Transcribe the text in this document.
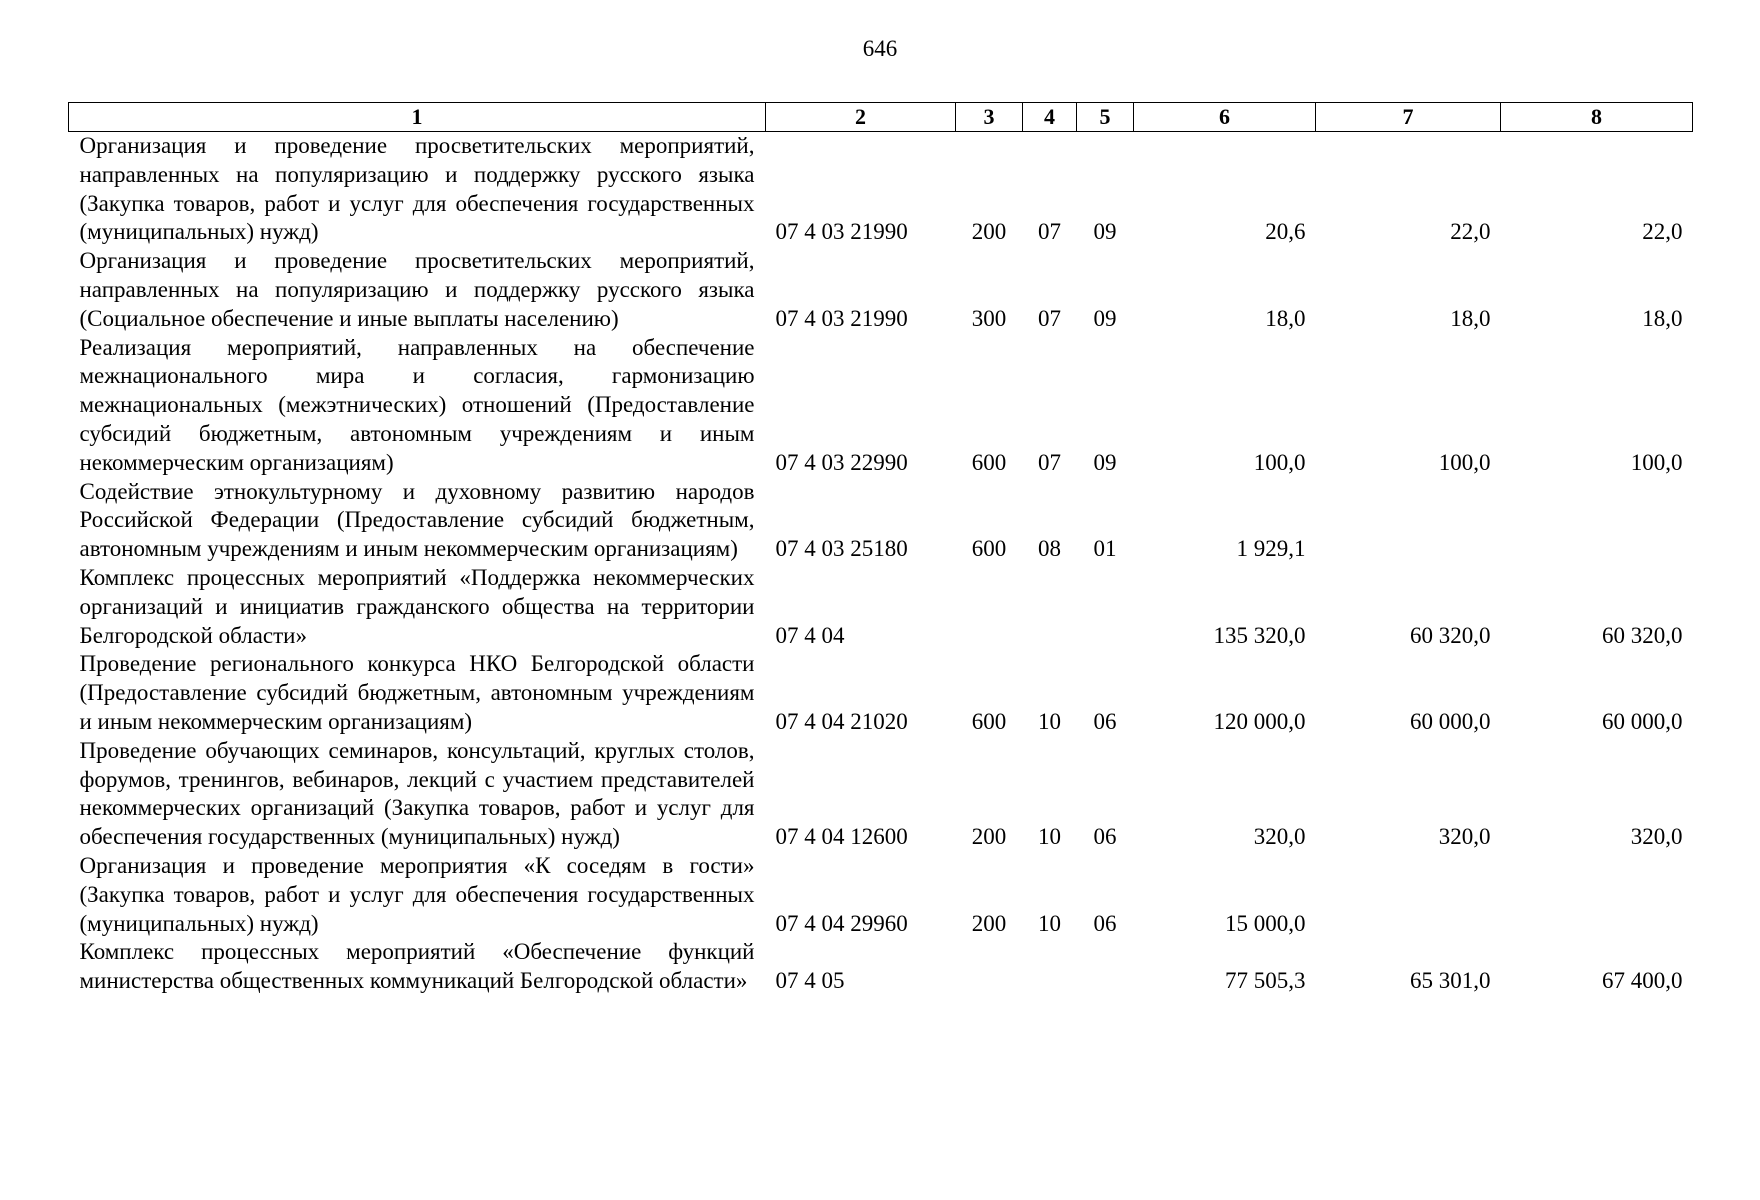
646
1	2	3	4	5	6	7	8
Организация и проведение просветительских мероприятий, направленных на популяризацию и поддержку русского языка (Закупка товаров, работ и услуг для обеспечения государственных (муниципальных) нужд)	07 4 03 21990	200	07	09	20,6	22,0	22,0
Организация и проведение просветительских мероприятий, направленных на популяризацию и поддержку русского языка (Социальное обеспечение и иные выплаты населению)	07 4 03 21990	300	07	09	18,0	18,0	18,0
Реализация мероприятий, направленных на обеспечение межнационального мира и согласия, гармонизацию межнациональных (межэтнических) отношений (Предоставление субсидий бюджетным, автономным учреждениям и иным некоммерческим организациям)	07 4 03 22990	600	07	09	100,0	100,0	100,0
Содействие этнокультурному и духовному развитию народов Российской Федерации (Предоставление субсидий бюджетным, автономным учреждениям и иным некоммерческим организациям)	07 4 03 25180	600	08	01	1 929,1		
Комплекс процессных мероприятий «Поддержка некоммерческих организаций и инициатив гражданского общества на территории Белгородской области»	07 4 04				135 320,0	60 320,0	60 320,0
Проведение регионального конкурса НКО Белгородской области (Предоставление субсидий бюджетным, автономным учреждениям и иным некоммерческим организациям)	07 4 04 21020	600	10	06	120 000,0	60 000,0	60 000,0
Проведение обучающих семинаров, консультаций, круглых столов, форумов, тренингов, вебинаров, лекций с участием представителей некоммерческих организаций (Закупка товаров, работ и услуг для обеспечения государственных (муниципальных) нужд)	07 4 04 12600	200	10	06	320,0	320,0	320,0
Организация и проведение мероприятия «К соседям в гости» (Закупка товаров, работ и услуг для обеспечения государственных (муниципальных) нужд)	07 4 04 29960	200	10	06	15 000,0		
Комплекс процессных мероприятий «Обеспечение функций министерства общественных коммуникаций Белгородской области»	07 4 05				77 505,3	65 301,0	67 400,0
